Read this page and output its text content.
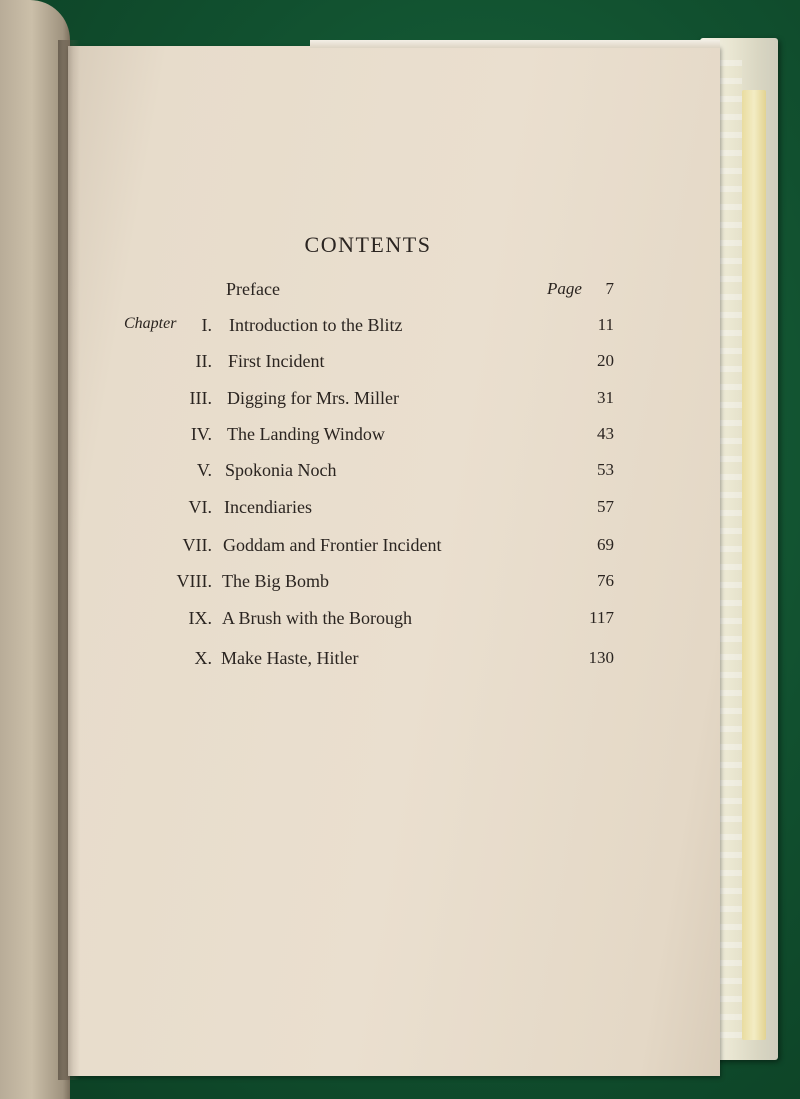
CONTENTS
Preface	Page 7
Chapter I. Introduction to the Blitz	11
II. First Incident	20
III. Digging for Mrs. Miller	31
IV. The Landing Window	43
V. Spokonia Noch	53
VI. Incendiaries	57
VII. Goddam and Frontier Incident	69
VIII. The Big Bomb	76
IX. A Brush with the Borough	117
X. Make Haste, Hitler	130
